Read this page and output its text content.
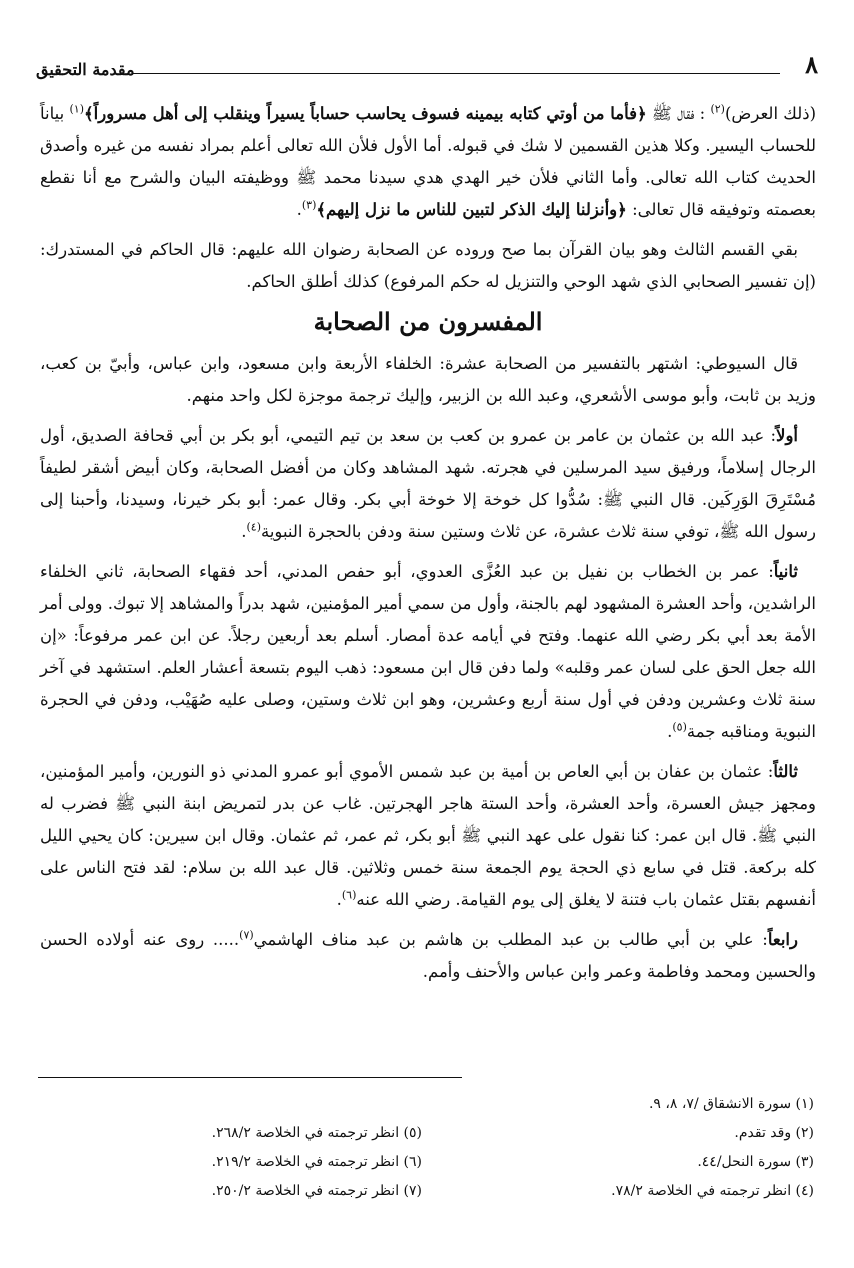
٨
مقدمة التحقيق

(ذلك العرض)$^{(٢)}$ : فقال ﷺ ﴿فأما من أوتي كتابه بيمينه فسوف يحاسب حساباً يسيراً وينقلب إلى أهل مسروراً﴾$^{(١)}$ بياناً للحساب اليسير. وكلا هذين القسمين لا شك في قبوله. أما الأول فلأن الله تعالى أعلم بمراد نفسه من غيره وأصدق الحديث كتاب الله تعالى. وأما الثاني فلأن خير الهدي هدي سيدنا محمد ﷺ ووظيفته البيان والشرح مع أنا نقطع بعصمته وتوفيقه قال تعالى: ﴿وأنزلنا إليك الذكر لتبين للناس ما نزل إليهم﴾$^{(٣)}$.

بقي القسم الثالث وهو بيان القرآن بما صح وروده عن الصحابة رضوان الله عليهم: قال الحاكم في المستدرك: (إن تفسير الصحابي الذي شهد الوحي والتنزيل له حكم المرفوع) كذلك أطلق الحاكم.

المفسرون من الصحابة

قال السيوطي: اشتهر بالتفسير من الصحابة عشرة: الخلفاء الأربعة وابن مسعود، وابن عباس، وأبيّ بن كعب، وزيد بن ثابت، وأبو موسى الأشعري، وعبد الله بن الزبير، وإليك ترجمة موجزة لكل واحد منهم.

أولاً: عبد الله بن عثمان بن عامر بن عمرو بن كعب بن سعد بن تيم التيمي، أبو بكر بن أبي قحافة الصديق، أول الرجال إسلاماً، ورفيق سيد المرسلين في هجرته. شهد المشاهد وكان من أفضل الصحابة، وكان أبيض أشقر لطيفاً مُسْتَرِقَ الوَرِكَين. قال النبي ﷺ: سُدُّوا كل خوخة إلا خوخة أبي بكر. وقال عمر: أبو بكر خيرنا، وسيدنا، وأحبنا إلى رسول الله ﷺ، توفي سنة ثلاث عشرة، عن ثلاث وستين سنة ودفن بالحجرة النبوية$^{(٤)}$.

ثانياً: عمر بن الخطاب بن نفيل بن عبد العُزَّى العدوي، أبو حفص المدني، أحد فقهاء الصحابة، ثاني الخلفاء الراشدين، وأحد العشرة المشهود لهم بالجنة، وأول من سمي أمير المؤمنين، شهد بدراً والمشاهد إلا تبوك. وولى أمر الأمة بعد أبي بكر رضي الله عنهما. وفتح في أيامه عدة أمصار. أسلم بعد أربعين رجلاً. عن ابن عمر مرفوعاً: «إن الله جعل الحق على لسان عمر وقلبه» ولما دفن قال ابن مسعود: ذهب اليوم بتسعة أعشار العلم. استشهد في آخر سنة ثلاث وعشرين ودفن في أول سنة أربع وعشرين، وهو ابن ثلاث وستين، وصلى عليه صُهَيْب، ودفن في الحجرة النبوية ومناقبه جمة$^{(٥)}$.

ثالثاً: عثمان بن عفان بن أبي العاص بن أمية بن عبد شمس الأموي أبو عمرو المدني ذو النورين، وأمير المؤمنين، ومجهز جيش العسرة، وأحد العشرة، وأحد الستة هاجر الهجرتين. غاب عن بدر لتمريض ابنة النبي ﷺ فضرب له النبي ﷺ. قال ابن عمر: كنا نقول على عهد النبي ﷺ أبو بكر، ثم عمر، ثم عثمان. وقال ابن سيرين: كان يحيي الليل كله بركعة. قتل في سابع ذي الحجة يوم الجمعة سنة خمس وثلاثين. قال عبد الله بن سلام: لقد فتح الناس على أنفسهم بقتل عثمان باب فتنة لا يغلق إلى يوم القيامة. رضي الله عنه$^{(٦)}$.

رابعاً: علي بن أبي طالب بن عبد المطلب بن هاشم بن عبد مناف الهاشمي$^{(٧)}$..... روى عنه أولاده الحسن والحسين ومحمد وفاطمة وعمر وابن عباس والأحنف وأمم.

(١) سورة الانشقاق /٧، ٨، ٩.
(٢) وقد تقدم.
(٣) سورة النحل/٤٤.
(٤) انظر ترجمته في الخلاصة ٧٨/٢.
(٥) انظر ترجمته في الخلاصة ٢٦٨/٢.
(٦) انظر ترجمته في الخلاصة ٢١٩/٢.
(٧) انظر ترجمته في الخلاصة ٢٥٠/٢.
